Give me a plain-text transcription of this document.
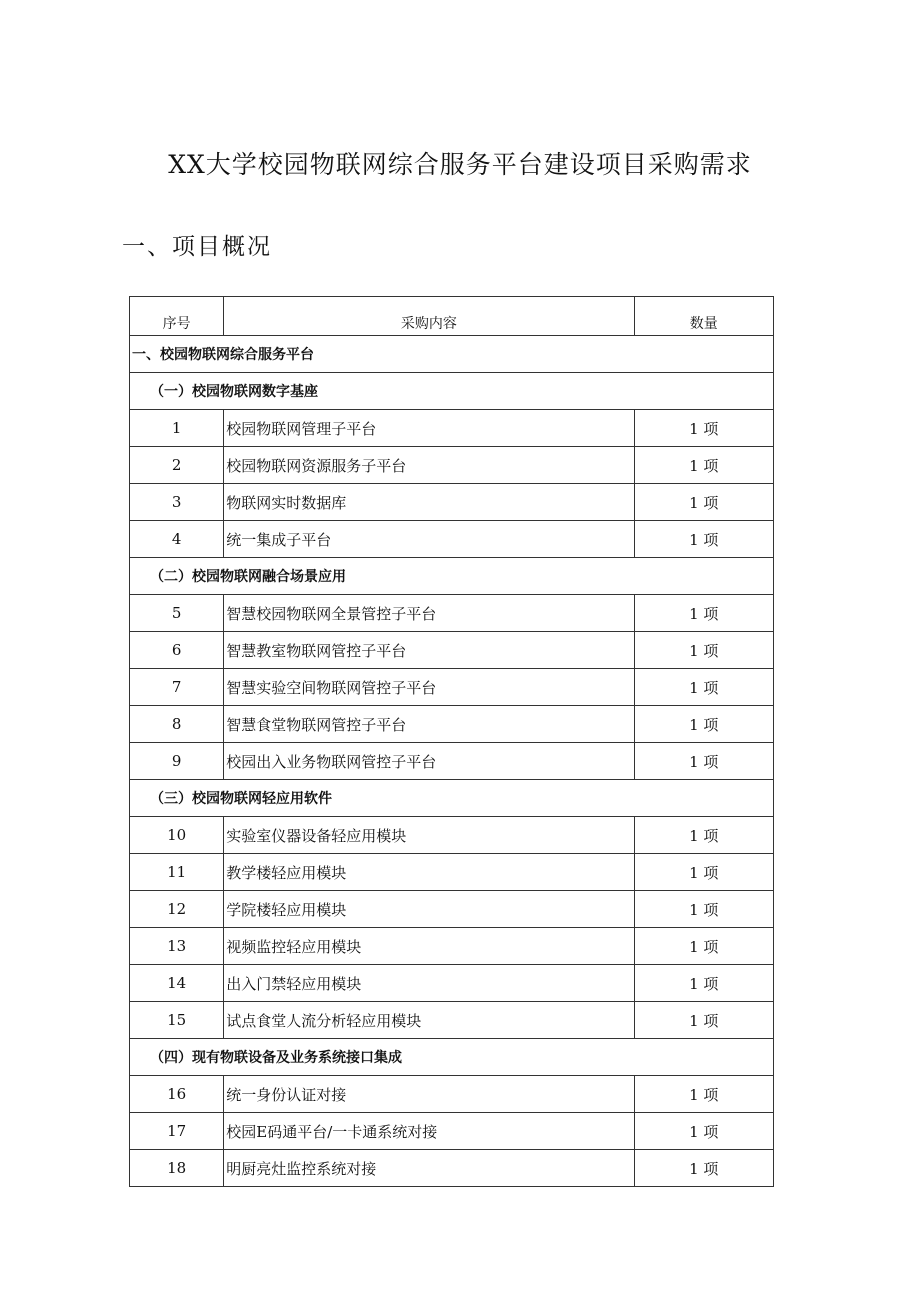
XX大学校园物联网综合服务平台建设项目采购需求
一、项目概况
序号	采购内容	数量
一、校园物联网综合服务平台		
（一）校园物联网数字基座		
1	校园物联网管理子平台	1 项
2	校园物联网资源服务子平台	1 项
3	物联网实时数据库	1 项
4	统一集成子平台	1 项
（二）校园物联网融合场景应用		
5	智慧校园物联网全景管控子平台	1 项
6	智慧教室物联网管控子平台	1 项
7	智慧实验空间物联网管控子平台	1 项
8	智慧食堂物联网管控子平台	1 项
9	校园出入业务物联网管控子平台	1 项
（三）校园物联网轻应用软件		
10	实验室仪器设备轻应用模块	1 项
11	教学楼轻应用模块	1 项
12	学院楼轻应用模块	1 项
13	视频监控轻应用模块	1 项
14	出入门禁轻应用模块	1 项
15	试点食堂人流分析轻应用模块	1 项
（四）现有物联设备及业务系统接口集成		
16	统一身份认证对接	1 项
17	校园E码通平台/一卡通系统对接	1 项
18	明厨亮灶监控系统对接	1 项
